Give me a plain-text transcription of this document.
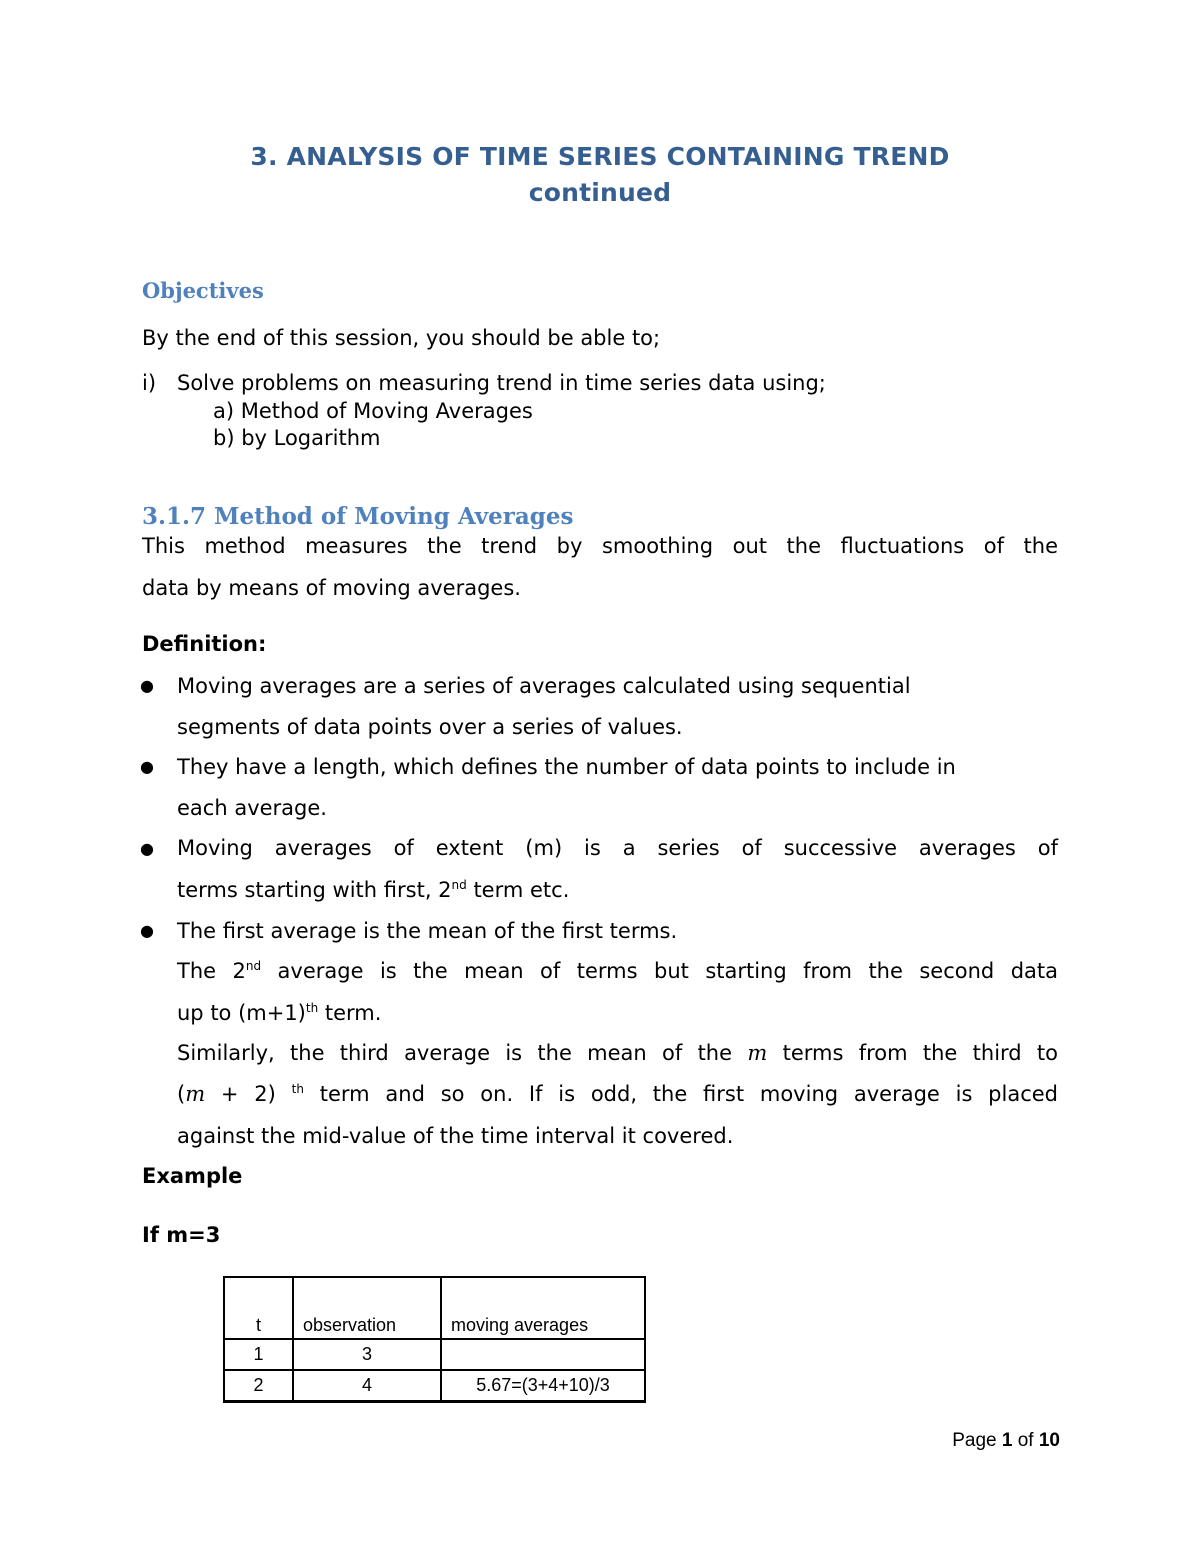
3. ANALYSIS OF TIME SERIES CONTAINING TREND
continued
Objectives
By the end of this session, you should be able to;
i) Solve problems on measuring trend in time series data using;
a) Method of Moving Averages
b) by Logarithm
3.1.7 Method of Moving Averages
This method measures the trend by smoothing out the fluctuations of the
data by means of moving averages.
Definition:
● Moving averages are a series of averages calculated using sequential
segments of data points over a series of values.
● They have a length, which defines the number of data points to include in
each average.
● Moving averages of extent (m) is a series of successive averages of
terms starting with first, 2nd term etc.
● The first average is the mean of the first terms.
The 2nd average is the mean of terms but starting from the second data
up to $(m+1)^{th}$ term.
Similarly, the third average is the mean of the m terms from the third to
(m + 2) $^{th}$ term and so on. If is odd, the first moving average is placed
against the mid-value of the time interval it covered.
Example
If m=3
t	observation	moving averages
1	3	
2	4	5.67=(3+4+10)/3
Page 1 of 10
